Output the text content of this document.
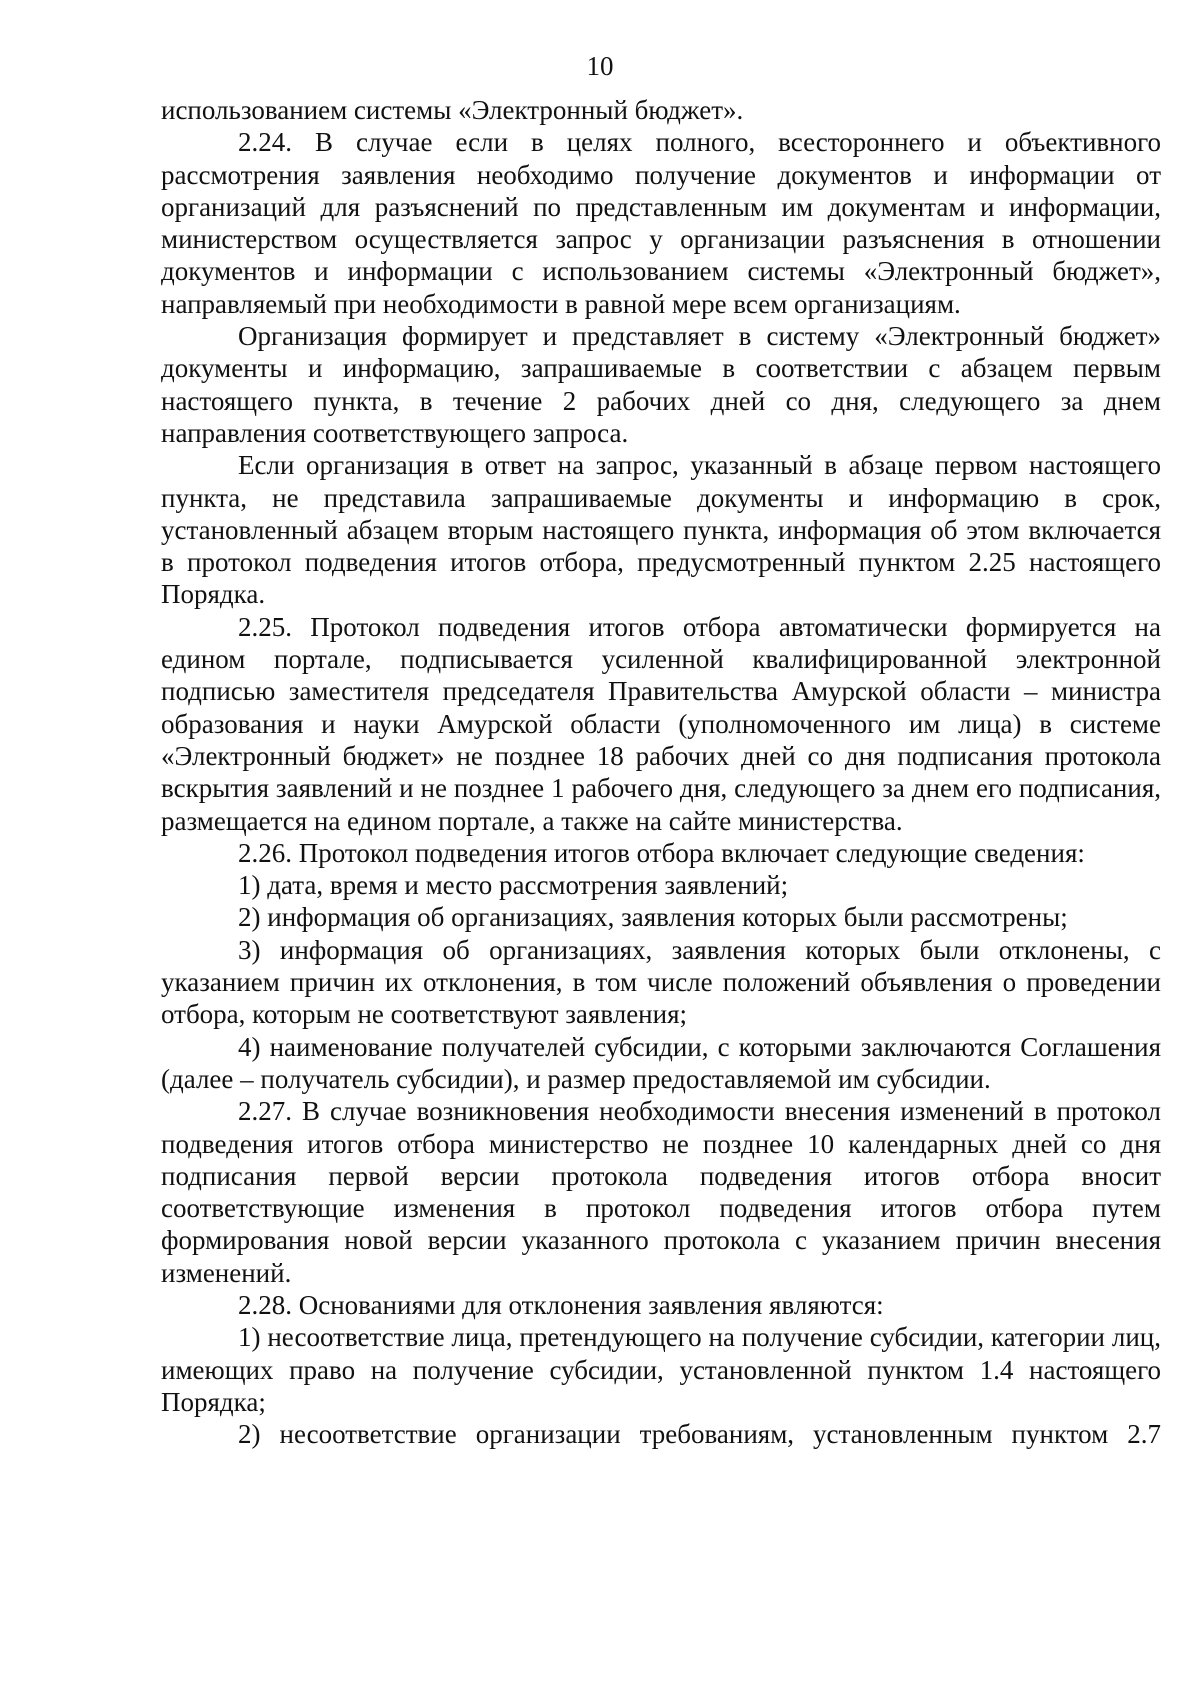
10

использованием системы «Электронный бюджет».

2.24. В случае если в целях полного, всестороннего и объективного рассмотрения заявления необходимо получение документов и информации от организаций для разъяснений по представленным им документам и информации, министерством осуществляется запрос у организации разъяснения в отношении документов и информации с использованием системы «Электронный бюджет», направляемый при необходимости в равной мере всем организациям.

Организация формирует и представляет в систему «Электронный бюджет» документы и информацию, запрашиваемые в соответствии с абзацем первым настоящего пункта, в течение 2 рабочих дней со дня, следующего за днем направления соответствующего запроса.

Если организация в ответ на запрос, указанный в абзаце первом настоящего пункта, не представила запрашиваемые документы и информацию в срок, установленный абзацем вторым настоящего пункта, информация об этом включается в протокол подведения итогов отбора, предусмотренный пунктом 2.25 настоящего Порядка.

2.25. Протокол подведения итогов отбора автоматически формируется на едином портале, подписывается усиленной квалифицированной электронной подписью заместителя председателя Правительства Амурской области – министра образования и науки Амурской области (уполномоченного им лица) в системе «Электронный бюджет» не позднее 18 рабочих дней со дня подписания протокола вскрытия заявлений и не позднее 1 рабочего дня, следующего за днем его подписания, размещается на едином портале, а также на сайте министерства.

2.26. Протокол подведения итогов отбора включает следующие сведения:

1) дата, время и место рассмотрения заявлений;

2) информация об организациях, заявления которых были рассмотрены;

3) информация об организациях, заявления которых были отклонены, с указанием причин их отклонения, в том числе положений объявления о проведении отбора, которым не соответствуют заявления;

4) наименование получателей субсидии, с которыми заключаются Соглашения (далее – получатель субсидии), и размер предоставляемой им субсидии.

2.27. В случае возникновения необходимости внесения изменений в протокол подведения итогов отбора министерство не позднее 10 календарных дней со дня подписания первой версии протокола подведения итогов отбора вносит соответствующие изменения в протокол подведения итогов отбора путем формирования новой версии указанного протокола с указанием причин внесения изменений.

2.28. Основаниями для отклонения заявления являются:

1) несоответствие лица, претендующего на получение субсидии, категории лиц, имеющих право на получение субсидии, установленной пунктом 1.4 настоящего Порядка;

2) несоответствие организации требованиям, установленным пунктом 2.7
